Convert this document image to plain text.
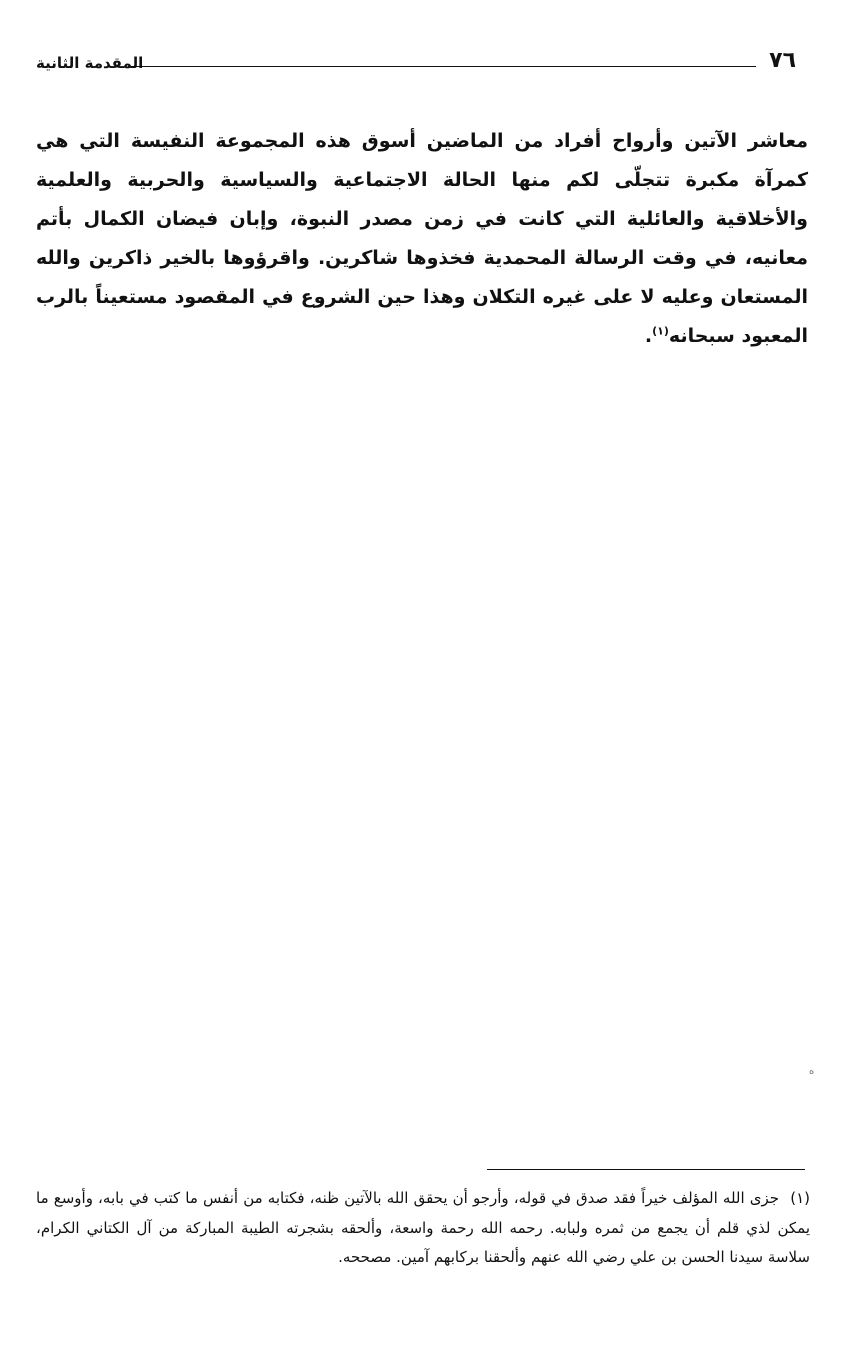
٧٦
المقدمة الثانية
معاشر الآتين وأرواح أفراد من الماضين أسوق هذه المجموعة النفيسة التي هي كمرآة مكبرة تتجلّى لكم منها الحالة الاجتماعية والسياسية والحربية والعلمية والأخلاقية والعائلية التي كانت في زمن مصدر النبوة، وإبان فيضان الكمال بأتم معانيه، في وقت الرسالة المحمدية فخذوها شاكرين. واقرؤوها بالخير ذاكرين والله المستعان وعليه لا على غيره التكلان وهذا حين الشروع في المقصود مستعيناً بالرب المعبود سبحانه$^{(١)}$.
ه
(١) جزى الله المؤلف خيراً فقد صدق في قوله، وأرجو أن يحقق الله بالآتين ظنه، فكتابه من أنفس ما كتب في بابه، وأوسع ما يمكن لذي قلم أن يجمع من ثمره ولبابه. رحمه الله رحمة واسعة، وألحقه بشجرته الطيبة المباركة من آل الكتاني الكرام، سلاسة سيدنا الحسن بن علي رضي الله عنهم وألحقنا بركابهم آمين. مصححه.
